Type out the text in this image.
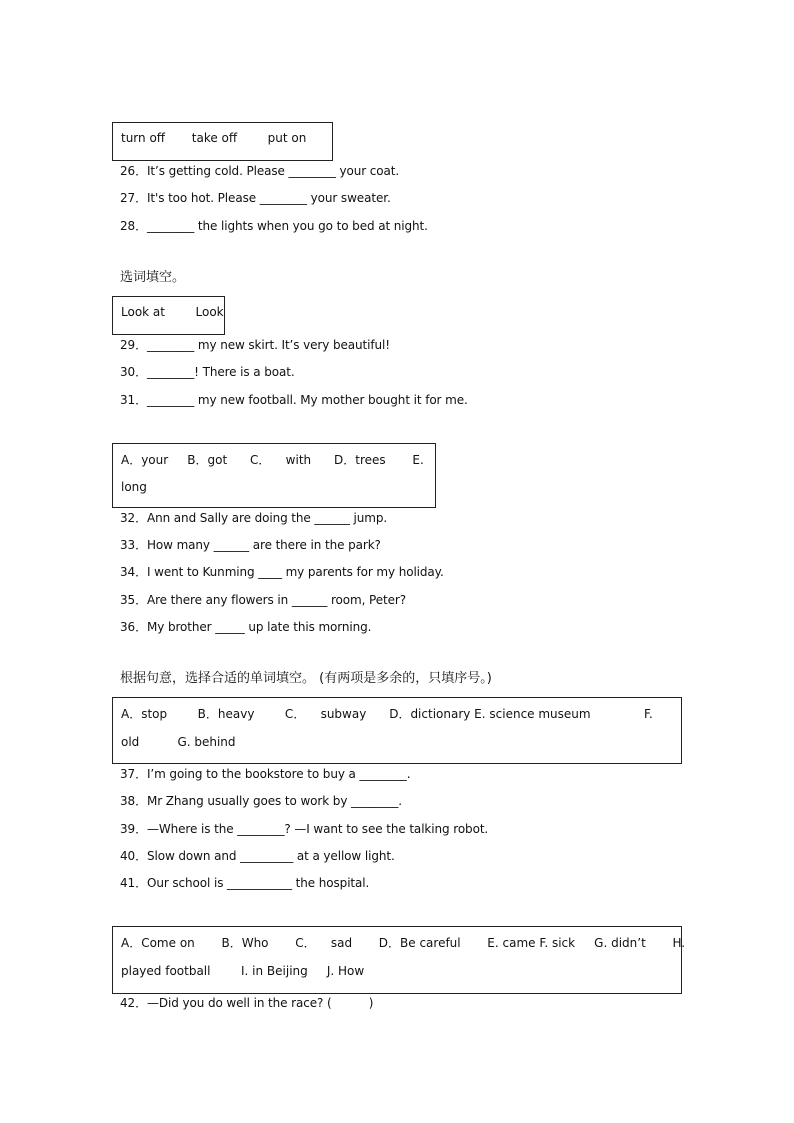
turn off       take off        put on
26．It’s getting cold. Please ________ your coat.
27．It's too hot. Please ________ your sweater.
28．________ the lights when you go to bed at night.
选词填空。
Look at        Look
29．________ my new skirt. It’s very beautiful!
30．________! There is a boat.
31．________ my new football. My mother bought it for me.
A．your     B．got      C．    with      D．trees       E.
long
32．Ann and Sally are doing the ______ jump.
33．How many ______ are there in the park?
34．I went to Kunming ____ my parents for my holiday.
35．Are there any flowers in ______ room, Peter?
36．My brother _____ up late this morning.
根据句意，选择合适的单词填空。 (有两项是多余的，只填序号。)
A．stop        B．heavy        C．    subway      D．dictionary E. science museum              F.
old          G. behind
37．I’m going to the bookstore to buy a ________.
38．Mr Zhang usually goes to work by ________.
39．—Where is the ________? —I want to see the talking robot.
40．Slow down and _________ at a yellow light.
41．Our school is ___________ the hospital.
A．Come on       B．Who       C．    sad       D．Be careful       E. came F. sick     G. didn’t       H.
played football        I. in Beijing     J. How
42．—Did you do well in the race? (          )
